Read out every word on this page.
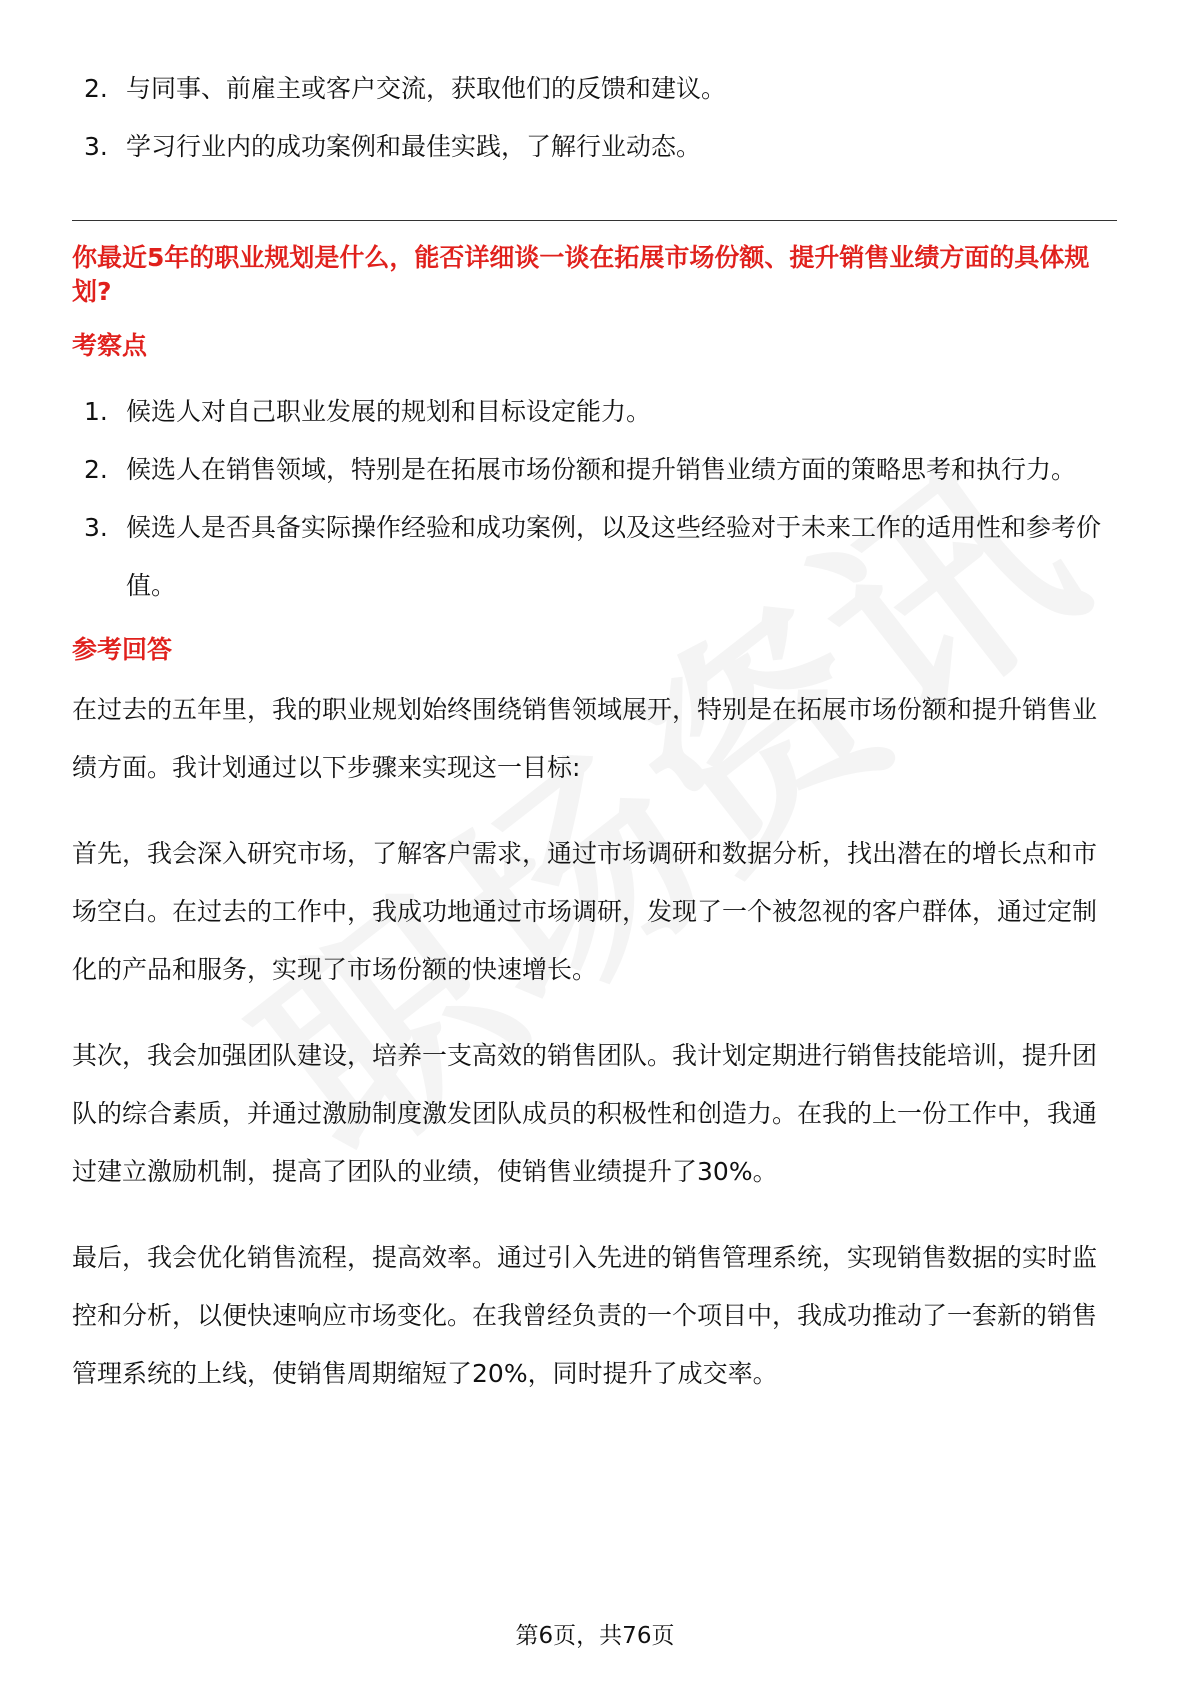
2. 与同事、前雇主或客户交流，获取他们的反馈和建议。
3. 学习行业内的成功案例和最佳实践，了解行业动态。
你最近5年的职业规划是什么，能否详细谈一谈在拓展市场份额、提升销售业绩方面的具体规划?
考察点
1. 候选人对自己职业发展的规划和目标设定能力。
2. 候选人在销售领域，特别是在拓展市场份额和提升销售业绩方面的策略思考和执行力。
3. 候选人是否具备实际操作经验和成功案例，以及这些经验对于未来工作的适用性和参考价值。
参考回答

在过去的五年里，我的职业规划始终围绕销售领域展开，特别是在拓展市场份额和提升销售业绩方面。我计划通过以下步骤来实现这一目标:

首先，我会深入研究市场，了解客户需求，通过市场调研和数据分析，找出潜在的增长点和市场空白。在过去的工作中，我成功地通过市场调研，发现了一个被忽视的客户群体，通过定制化的产品和服务，实现了市场份额的快速增长。

其次，我会加强团队建设，培养一支高效的销售团队。我计划定期进行销售技能培训，提升团队的综合素质，并通过激励制度激发团队成员的积极性和创造力。在我的上一份工作中，我通过建立激励机制，提高了团队的业绩，使销售业绩提升了30%。

最后，我会优化销售流程，提高效率。通过引入先进的销售管理系统，实现销售数据的实时监控和分析，以便快速响应市场变化。在我曾经负责的一个项目中，我成功推动了一套新的销售管理系统的上线，使销售周期缩短了20%，同时提升了成交率。

第6页，共76页
